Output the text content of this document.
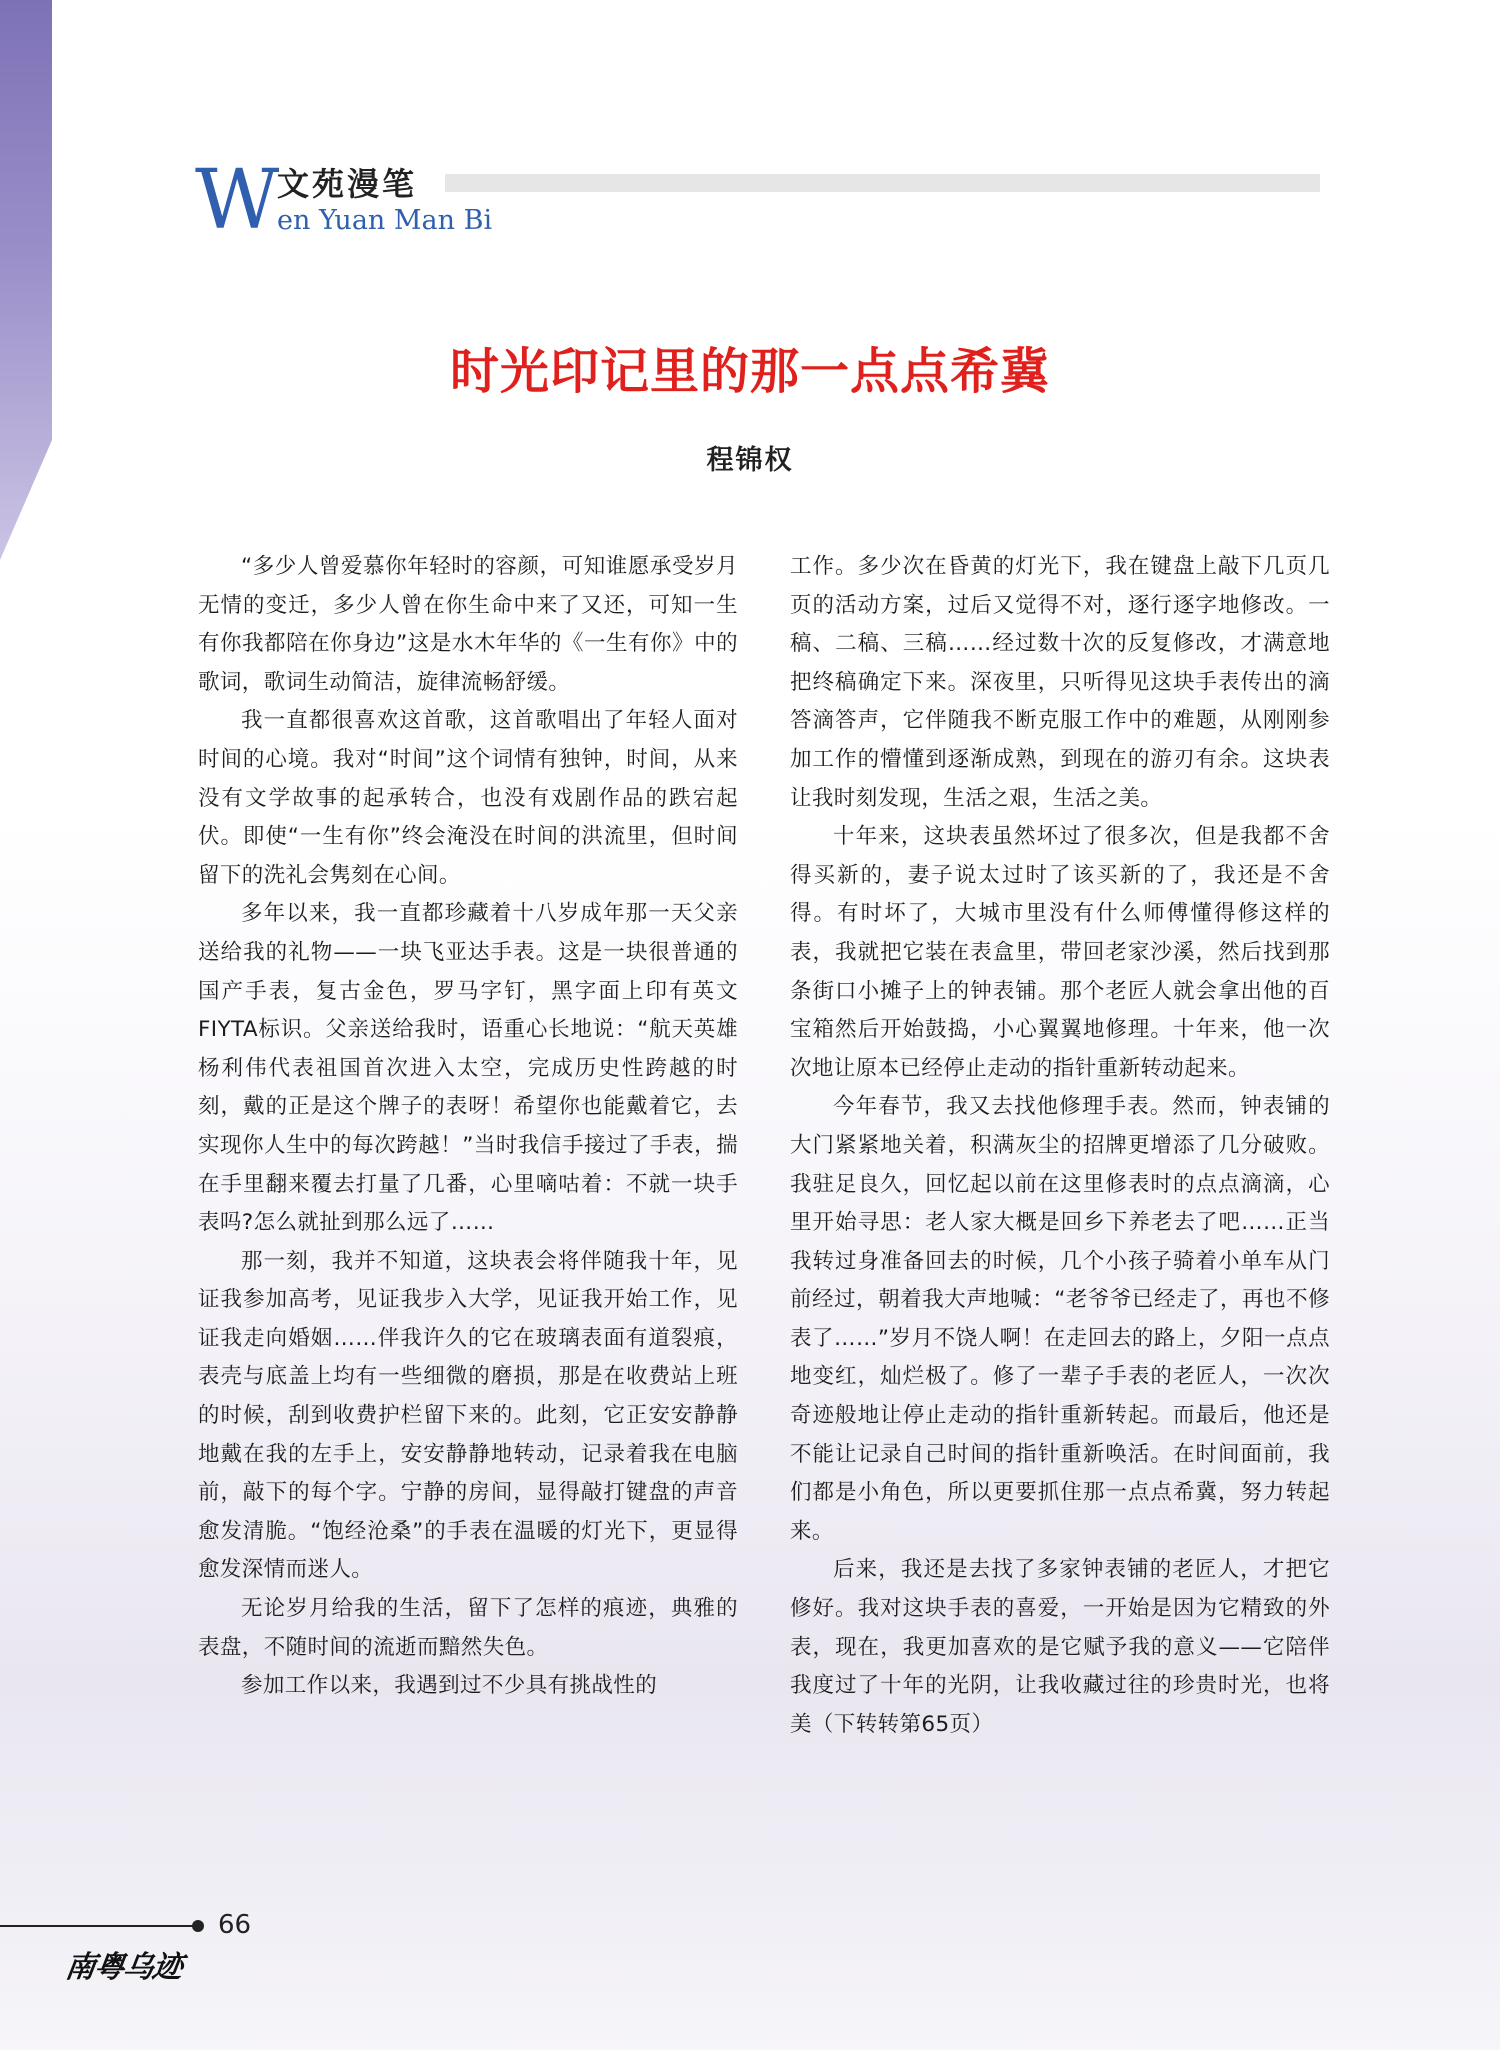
W
文苑漫笔
en Yuan Man Bi
时光印记里的那一点点希冀
程锦权

“多少人曾爱慕你年轻时的容颜，可知谁愿承受岁月无情的变迁，多少人曾在你生命中来了又还，可知一生有你我都陪在你身边”这是水木年华的《一生有你》中的歌词，歌词生动简洁，旋律流畅舒缓。

我一直都很喜欢这首歌，这首歌唱出了年轻人面对时间的心境。我对“时间”这个词情有独钟，时间，从来没有文学故事的起承转合，也没有戏剧作品的跌宕起伏。即使“一生有你”终会淹没在时间的洪流里，但时间留下的洗礼会隽刻在心间。

多年以来，我一直都珍藏着十八岁成年那一天父亲送给我的礼物——一块飞亚达手表。这是一块很普通的国产手表，复古金色，罗马字钉，黑字面上印有英文FIYTA标识。父亲送给我时，语重心长地说：“航天英雄杨利伟代表祖国首次进入太空，完成历史性跨越的时刻，戴的正是这个牌子的表呀！希望你也能戴着它，去实现你人生中的每次跨越！”当时我信手接过了手表，揣在手里翻来覆去打量了几番，心里嘀咕着：不就一块手表吗?怎么就扯到那么远了……

那一刻，我并不知道，这块表会将伴随我十年，见证我参加高考，见证我步入大学，见证我开始工作，见证我走向婚姻……伴我许久的它在玻璃表面有道裂痕，表壳与底盖上均有一些细微的磨损，那是在收费站上班的时候，刮到收费护栏留下来的。此刻，它正安安静静地戴在我的左手上，安安静静地转动，记录着我在电脑前，敲下的每个字。宁静的房间，显得敲打键盘的声音愈发清脆。“饱经沧桑”的手表在温暖的灯光下，更显得愈发深情而迷人。

无论岁月给我的生活，留下了怎样的痕迹，典雅的表盘，不随时间的流逝而黯然失色。

参加工作以来，我遇到过不少具有挑战性的

工作。多少次在昏黄的灯光下，我在键盘上敲下几页几页的活动方案，过后又觉得不对，逐行逐字地修改。一稿、二稿、三稿……经过数十次的反复修改，才满意地把终稿确定下来。深夜里，只听得见这块手表传出的滴答滴答声，它伴随我不断克服工作中的难题，从刚刚参加工作的懵懂到逐渐成熟，到现在的游刃有余。这块表让我时刻发现，生活之艰，生活之美。

十年来，这块表虽然坏过了很多次，但是我都不舍得买新的，妻子说太过时了该买新的了，我还是不舍得。有时坏了，大城市里没有什么师傅懂得修这样的表，我就把它装在表盒里，带回老家沙溪，然后找到那条街口小摊子上的钟表铺。那个老匠人就会拿出他的百宝箱然后开始鼓捣，小心翼翼地修理。十年来，他一次次地让原本已经停止走动的指针重新转动起来。

今年春节，我又去找他修理手表。然而，钟表铺的大门紧紧地关着，积满灰尘的招牌更增添了几分破败。我驻足良久，回忆起以前在这里修表时的点点滴滴，心里开始寻思：老人家大概是回乡下养老去了吧……正当我转过身准备回去的时候，几个小孩子骑着小单车从门前经过，朝着我大声地喊：“老爷爷已经走了，再也不修表了……”岁月不饶人啊！在走回去的路上，夕阳一点点地变红，灿烂极了。修了一辈子手表的老匠人，一次次奇迹般地让停止走动的指针重新转起。而最后，他还是不能让记录自己时间的指针重新唤活。在时间面前，我们都是小角色，所以更要抓住那一点点希冀，努力转起来。

后来，我还是去找了多家钟表铺的老匠人，才把它修好。我对这块手表的喜爱，一开始是因为它精致的外表，现在，我更加喜欢的是它赋予我的意义——它陪伴我度过了十年的光阴，让我收藏过往的珍贵时光，也将美（下转转第65页）

66
南粤乌迹
